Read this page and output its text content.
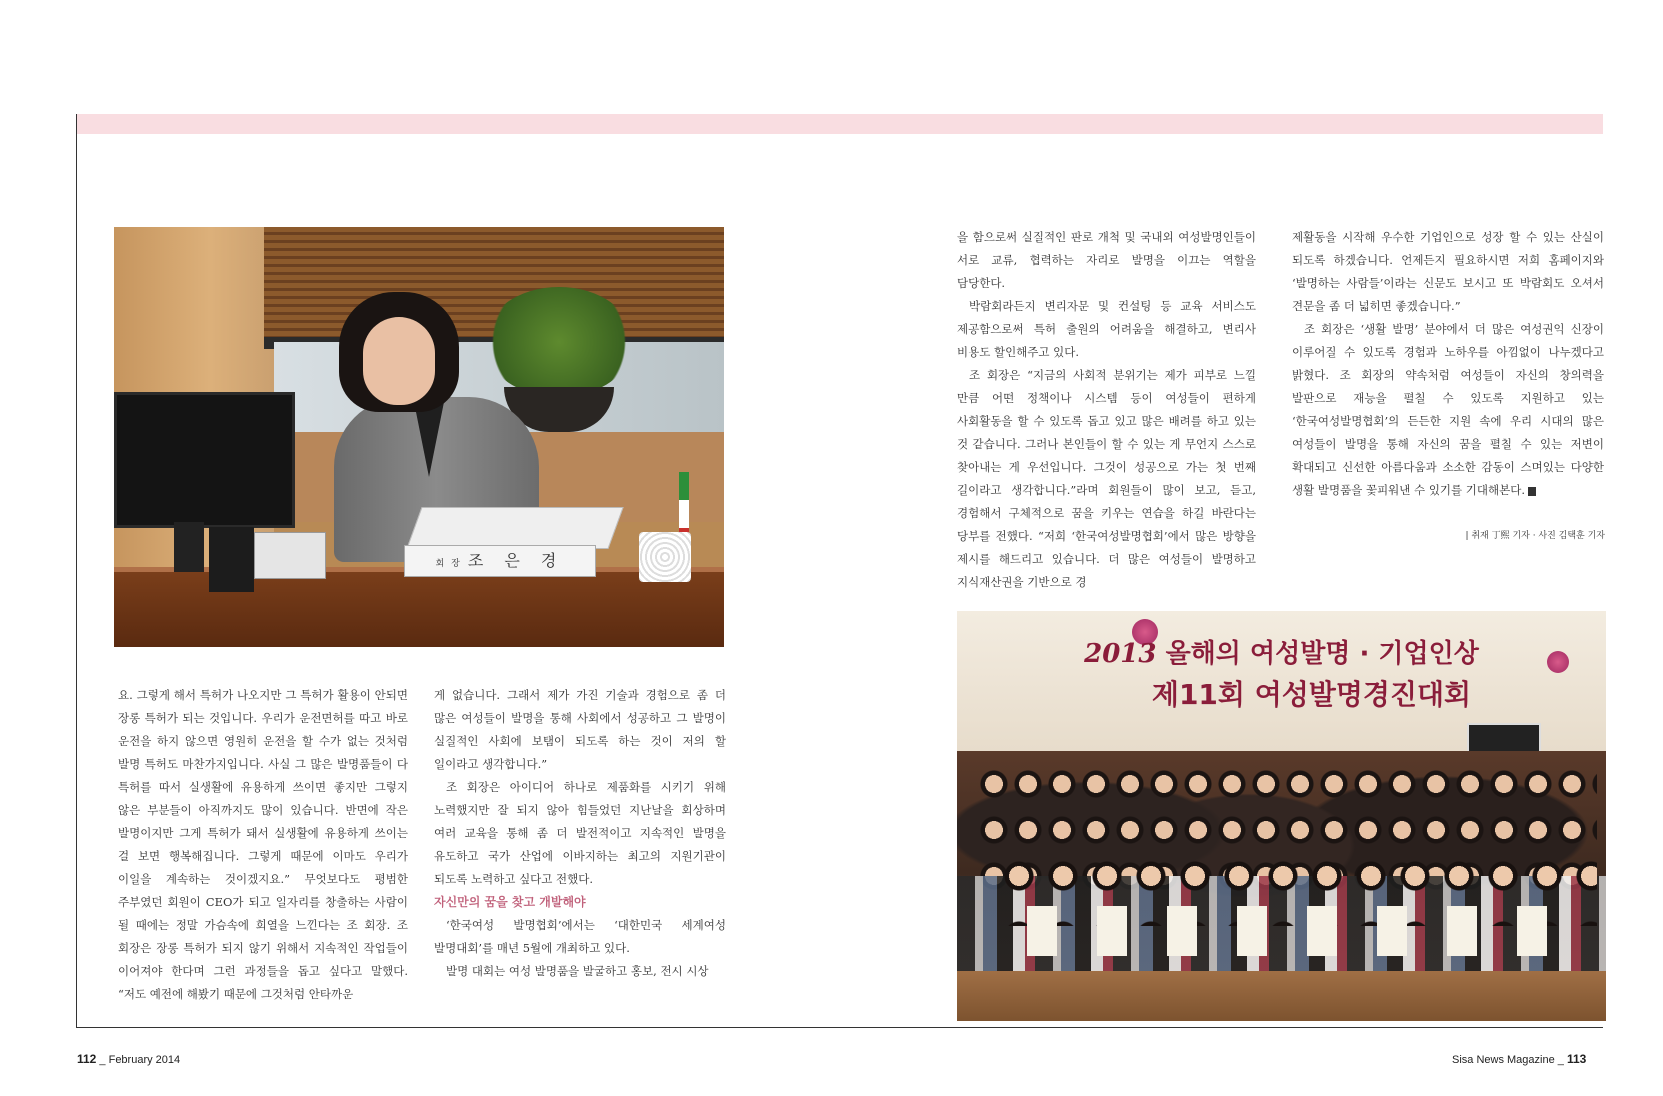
회 장 조 은 경

요. 그렇게 해서 특허가 나오지만 그 특허가 활용이 안되면 장롱 특허가 되는 것입니다. 우리가 운전면허를 따고 바로 운전을 하지 않으면 영원히 운전을 할 수가 없는 것처럼 발명 특허도 마찬가지입니다. 사실 그 많은 발명품들이 다 특허를 따서 실생활에 유용하게 쓰이면 좋지만 그렇지 않은 부분들이 아직까지도 많이 있습니다. 반면에 작은 발명이지만 그게 특허가 돼서 실생활에 유용하게 쓰이는 걸 보면 행복해집니다. 그렇게 때문에 이마도 우리가 이일을 계속하는 것이겠지요.” 무엇보다도 평범한 주부였던 회원이 CEO가 되고 일자리를 창출하는 사람이 될 때에는 정말 가슴속에 희열을 느낀다는 조 회장. 조 회장은 장롱 특허가 되지 않기 위해서 지속적인 작업들이 이어져야 한다며 그런 과정들을 돕고 싶다고 말했다. “저도 예전에 해봤기 때문에 그것처럼 안타까운

게 없습니다. 그래서 제가 가진 기술과 경험으로 좀 더 많은 여성들이 발명을 통해 사회에서 성공하고 그 발명이 실질적인 사회에 보탬이 되도록 하는 것이 저의 할 일이라고 생각합니다.”

조 회장은 아이디어 하나로 제품화를 시키기 위해 노력했지만 잘 되지 않아 힘들었던 지난날을 회상하며 여러 교육을 통해 좀 더 발전적이고 지속적인 발명을 유도하고 국가 산업에 이바지하는 최고의 지원기관이 되도록 노력하고 싶다고 전했다.

자신만의 꿈을 찾고 개발해야

‘한국여성 발명협회’에서는 ‘대한민국 세계여성 발명대회’를 매년 5월에 개최하고 있다.

발명 대회는 여성 발명품을 발굴하고 홍보, 전시 시상

을 함으로써 실질적인 판로 개척 및 국내외 여성발명인들이 서로 교류, 협력하는 자리로 발명을 이끄는 역할을 담당한다.

박람회라든지 변리자문 및 컨설팅 등 교육 서비스도 제공함으로써 특허 출원의 어려움을 해결하고, 변리사 비용도 할인해주고 있다.

조 회장은 “지금의 사회적 분위기는 제가 피부로 느낄 만큼 어떤 정책이나 시스템 등이 여성들이 편하게 사회활동을 할 수 있도록 돕고 있고 많은 배려를 하고 있는 것 같습니다. 그러나 본인들이 할 수 있는 게 무언지 스스로 찾아내는 게 우선입니다. 그것이 성공으로 가는 첫 번째 길이라고 생각합니다.”라며 회원들이 많이 보고, 듣고, 경험해서 구체적으로 꿈을 키우는 연습을 하길 바란다는 당부를 전했다. “저희 ‘한국여성발명협회’에서 많은 방향을 제시를 해드리고 있습니다. 더 많은 여성들이 발명하고 지식재산권을 기반으로 경

제활동을 시작해 우수한 기업인으로 성장 할 수 있는 산실이 되도록 하겠습니다. 언제든지 필요하시면 저희 홈페이지와 ‘발명하는 사람들’이라는 신문도 보시고 또 박람회도 오셔서 견문을 좀 더 넓히면 좋겠습니다.”

조 회장은 ‘생활 발명’ 분야에서 더 많은 여성권익 신장이 이루어질 수 있도록 경험과 노하우를 아낌없이 나누겠다고 밝혔다. 조 회장의 약속처럼 여성들이 자신의 창의력을 발판으로 재능을 펼칠 수 있도록 지원하고 있는 ‘한국여성발명협회’의 든든한 지원 속에 우리 시대의 많은 여성들이 발명을 통해 자신의 꿈을 펼칠 수 있는 저변이 확대되고 신선한 아름다움과 소소한 감동이 스며있는 다양한 생활 발명품을 꽃피워낸 수 있기를 기대해본다.

| 취재 丁熙 기자 · 사진 김택훈 기자
2013 올해의 여성발명 · 기업인상
제11회 여성발명경진대회
112 _ February 2014	Sisa News Magazine _ 113
